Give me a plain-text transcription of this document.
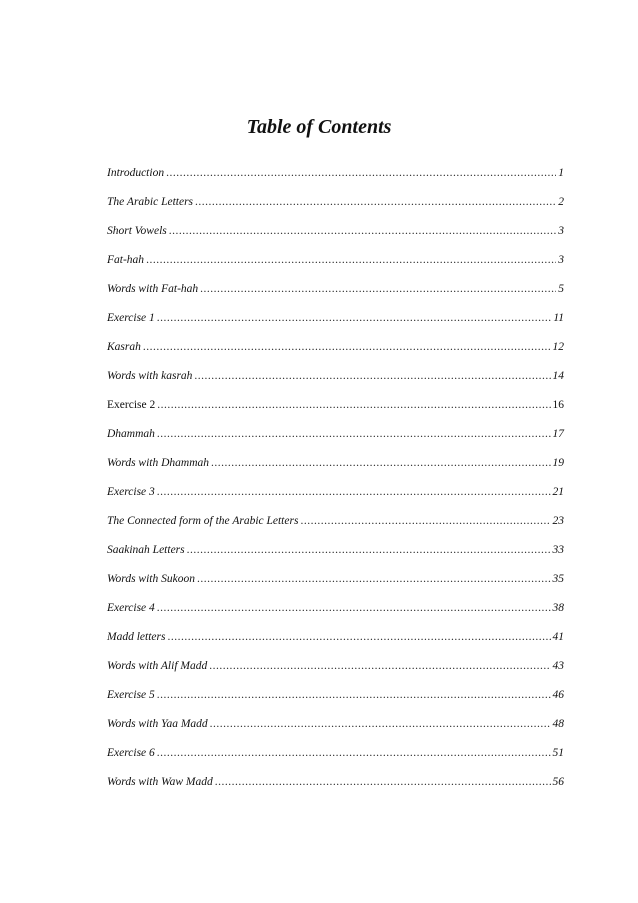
Table of Contents
Introduction .....	1
The Arabic Letters .....	2
Short Vowels .....	3
Fat-hah .....	3
Words with Fat-hah .....	5
Exercise 1 .....	11
Kasrah .....	12
Words with kasrah .....	14
Exercise 2 .....	16
Dhammah .....	17
Words with Dhammah .....	19
Exercise 3 .....	21
The Connected form of the Arabic Letters .....	23
Saakinah Letters .....	33
Words with Sukoon .....	35
Exercise 4 .....	38
Madd letters .....	41
Words with Alif Madd .....	43
Exercise 5 .....	46
Words with Yaa Madd .....	48
Exercise 6 .....	51
Words with Waw Madd .....	56
